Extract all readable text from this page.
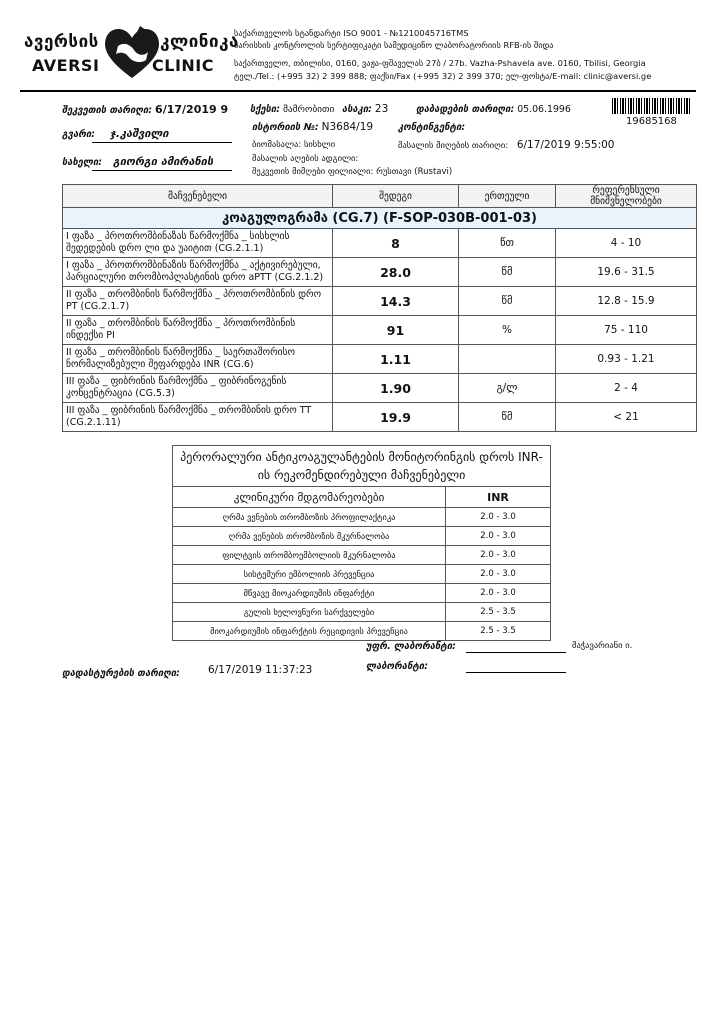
ავერსის	კლინიკა
AVERSI	CLINIC
საქართველოს სტანდარტი ISO 9001 - №1210045716TMS
ხარისხის კონტროლის სერტიფიკატი სამედიცინო ლაბორატორიის RFB-ის შიდა
საქართველო, თბილისი, 0160, ვაჟა-ფშაველას 27ბ / 27b. Vazha-Pshavela ave. 0160, Tbilisi, Georgia
ტელ./Tel.: (+995 32) 2 399 888; ფაქსი/Fax (+995 32) 2 399 370; ელ-ფოსტა/E-mail: clinic@aversi.ge
შეკვეთის თარიღი: 6/17/2019 9 სქესი: მამრობითი ასაკი: 23	დაბადების თარიღი: 05.06.1996
19685168
ისტორიის №: N3684/19	კონტინგენტი:
გვარი: ჯ.კაშვილი
ბიომასალა: სისხლი	მასალის მიღების თარიღი: 6/17/2019 9:55:00
მასალის აღების ადგილი:
სახელი: გიორგი ამირანის
შეკვეთის მიმღები ფილიალი: რუსთავი (Rustavi)
მაჩვენებელი	შედეგი	ერთეული	რეფერენსული მნიშვნელობები
კოაგულოგრამა (CG.7) (F-SOP-030B-001-03)			
I ფაზა _ პროთრომბინაზას წარმოქმნა _ სისხლის შედედების დრო ლი და უაიტით (CG.2.1.1)	8	წთ	4 - 10
I ფაზა _ პროთრომბინაზის წარმოქმნა _ აქტივირებული, პარციალური თრომბოპლასტინის დრო aPTT (CG.2.1.2)	28.0	წმ	19.6 - 31.5
II ფაზა _ თრომბინის წარმოქმნა _ პროთრომბინის დრო PT (CG.2.1.7)	14.3	წმ	12.8 - 15.9
II ფაზა _ თრომბინის წარმოქმნა _ პროთრომბინის ინდექსი PI	91	%	75 - 110
II ფაზა _ თრომბინის წარმოქმნა _ საერთაშორისო ნორმალიზებული შეფარდება INR (CG.6)	1.11		0.93 - 1.21
III ფაზა _ ფიბრინის წარმოქმნა _ ფიბრინოგენის კონცენტრაცია (CG.5.3)	1.90	გ/ლ	2 - 4
III ფაზა _ ფიბრინის წარმოქმნა _ თრომბინის დრო TT (CG.2.1.11)	19.9	წმ	< 21
პერორალური ანტიკოაგულანტების მონიტორინგის დროს INR-ის რეკომენდირებული მაჩვენებელი	
კლინიკური მდგომარეობები	INR
ღრმა ვენების თრომბოზის პროფილაქტიკა	2.0 - 3.0
ღრმა ვენების თრომბოზის მკურნალობა	2.0 - 3.0
ფილტვის თრომბოემბოლიის მკურნალობა	2.0 - 3.0
სისტემური ემბოლიის პრევენცია	2.0 - 3.0
მწვავე მიოკარდიუმის ინფარქტი	2.0 - 3.0
გულის ხელოვნური სარქველები	2.5 - 3.5
მიოკარდიუმის ინფარქტის რეციდივის პრევენცია	2.5 - 3.5
უფრ. ლაბორანტი:	მაჭავარიანი ი.
ლაბორანტი:
დადასტურების თარიღი:	6/17/2019 11:37:23
